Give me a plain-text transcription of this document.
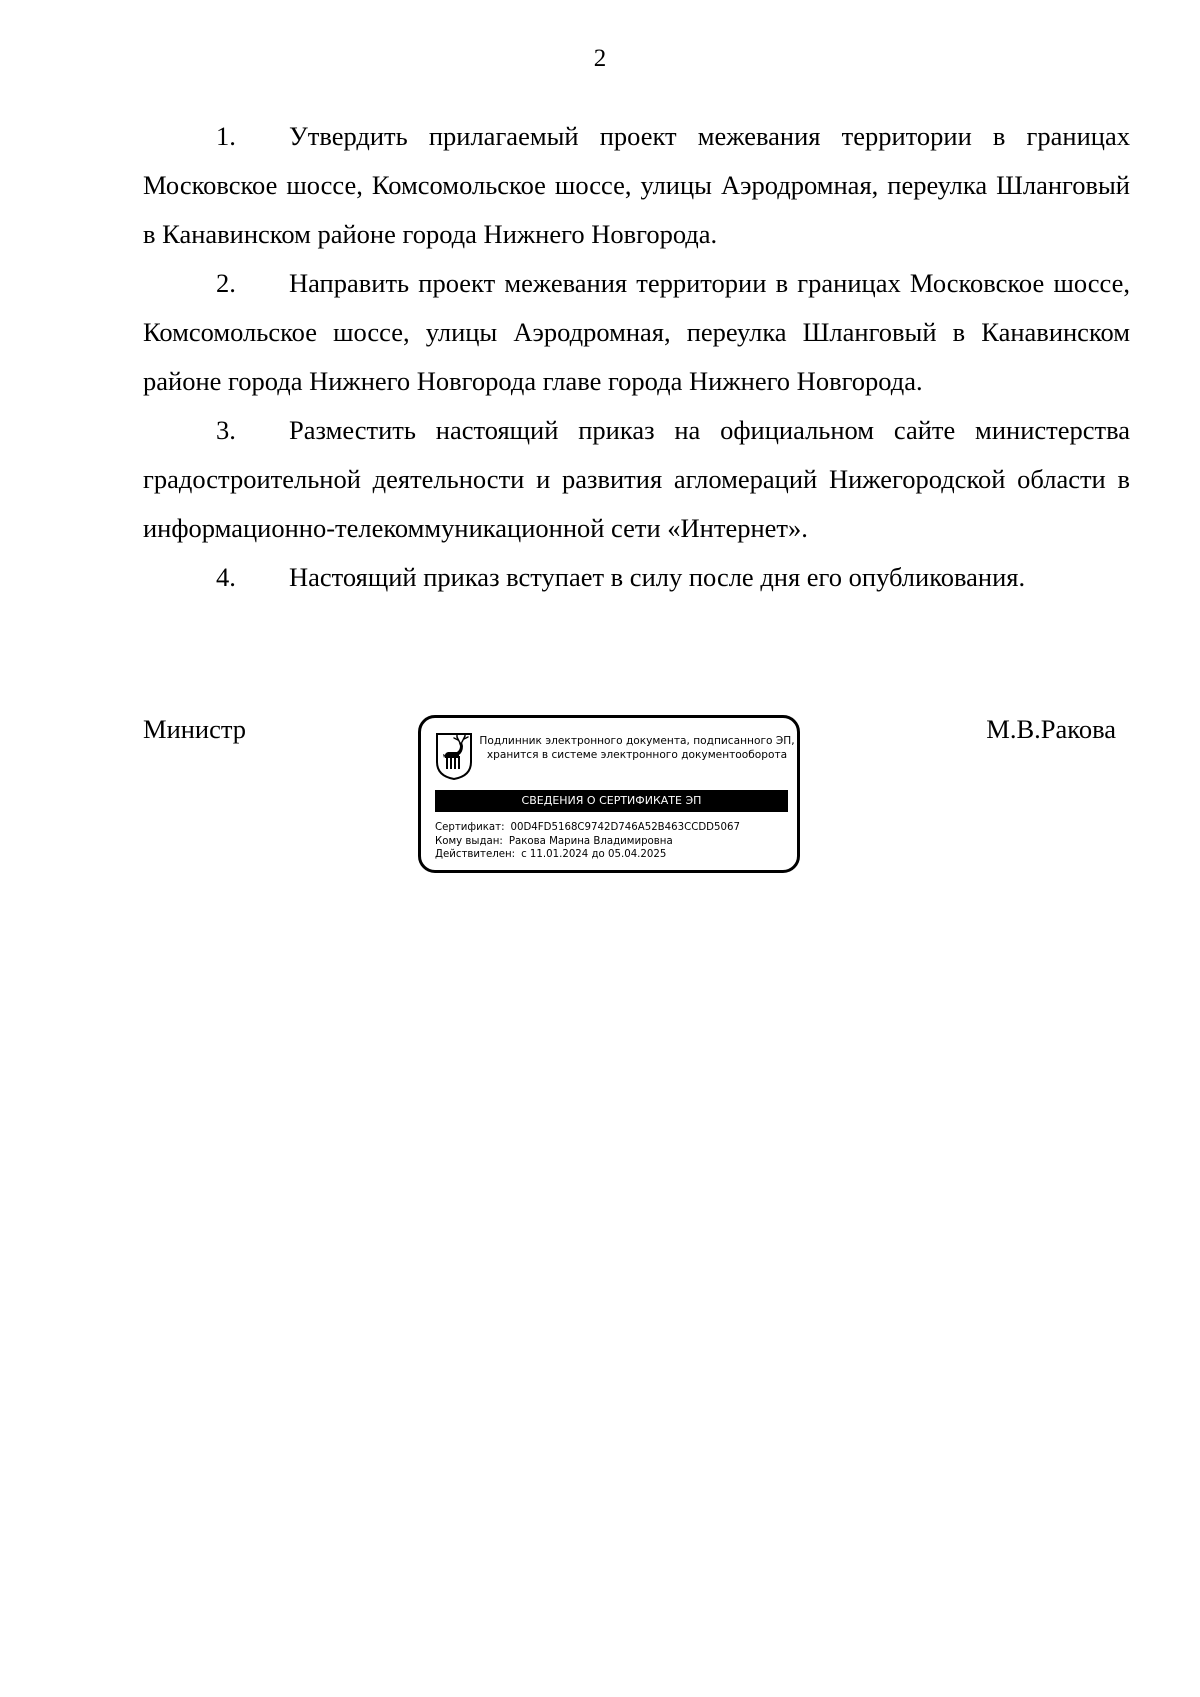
2

1. Утвердить прилагаемый проект межевания территории в границах Московское шоссе, Комсомольское шоссе, улицы Аэродромная, переулка Шланговый в Канавинском районе города Нижнего Новгорода.

2. Направить проект межевания территории в границах Московское шоссе, Комсомольское шоссе, улицы Аэродромная, переулка Шланговый в Канавинском районе города Нижнего Новгорода главе города Нижнего Новгорода.

3. Разместить настоящий приказ на официальном сайте министерства градостроительной деятельности и развития агломераций Нижегородской области в информационно-телекоммуникационной сети «Интернет».

4. Настоящий приказ вступает в силу после дня его опубликования.

Министр	М.В.Ракова
Подлинник электронного документа, подписанного ЭП,
хранится в системе электронного документооборота
СВЕДЕНИЯ О СЕРТИФИКАТЕ ЭП
Сертификат: 00D4FD5168C9742D746A52B463CCDD5067
Кому выдан: Ракова Марина Владимировна
Действителен: с 11.01.2024 до 05.04.2025
